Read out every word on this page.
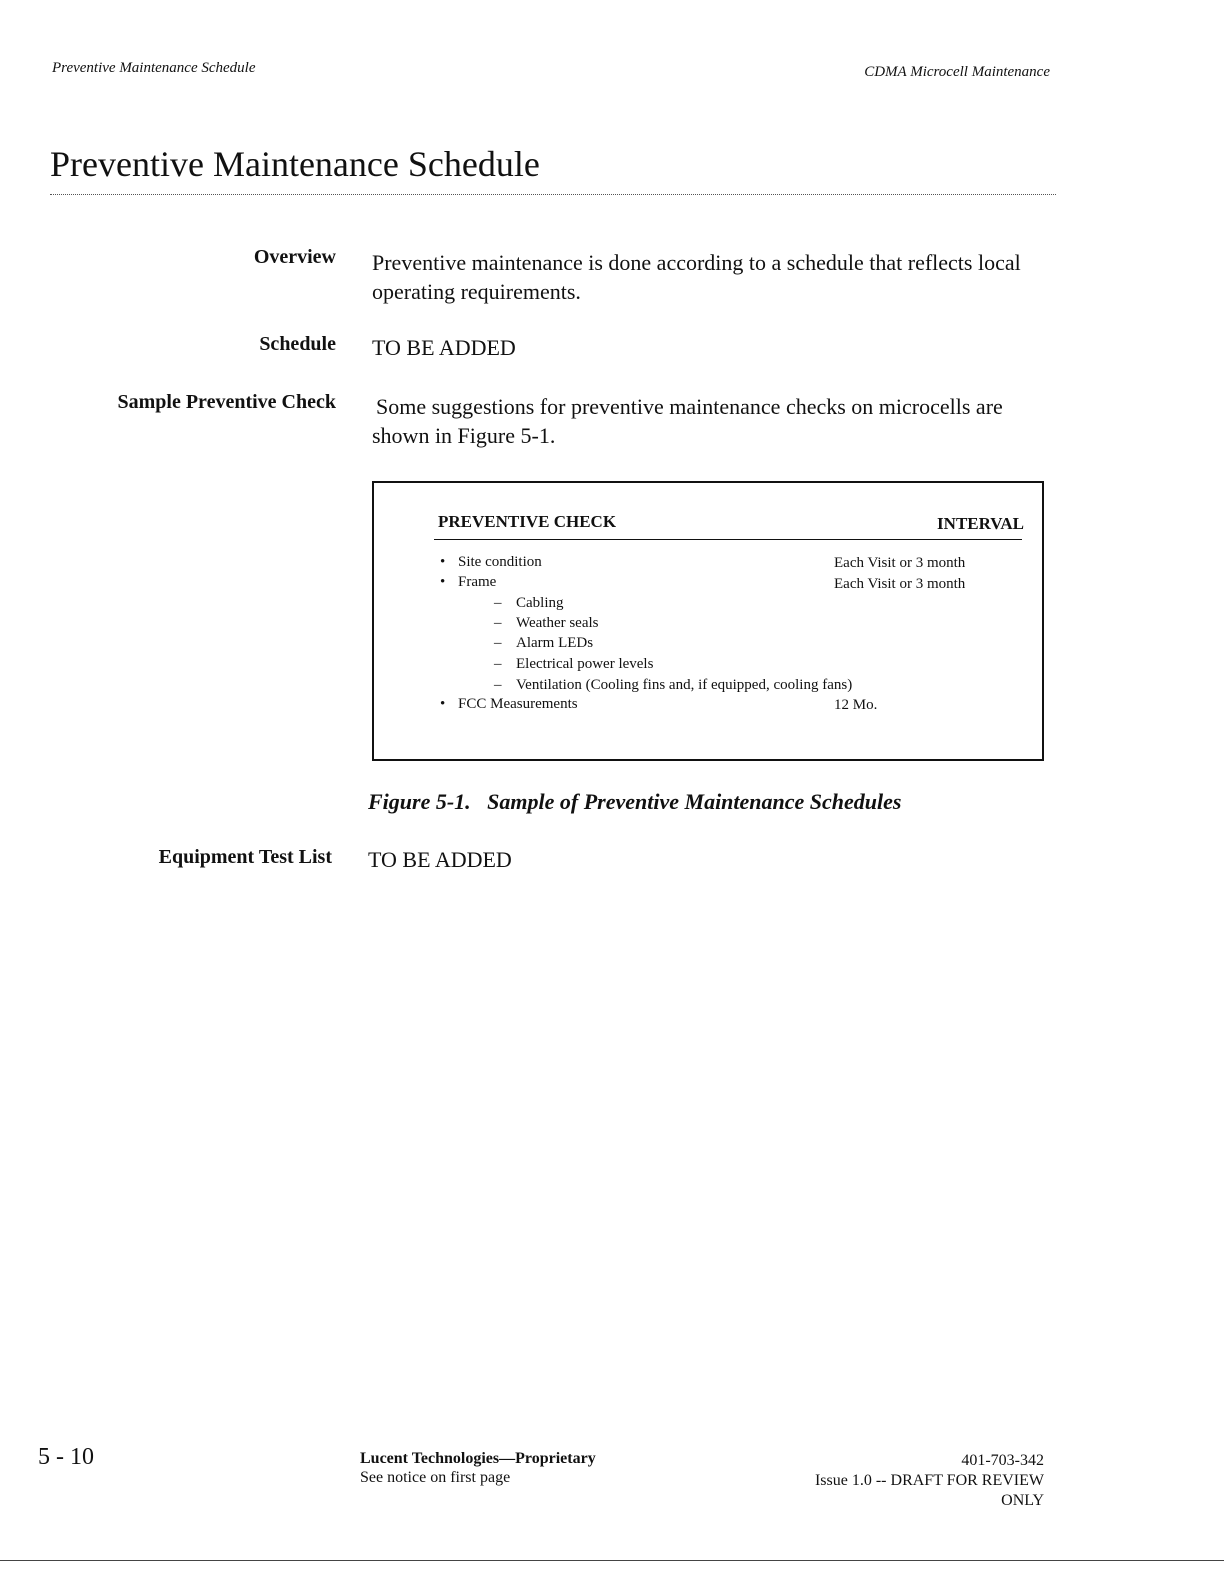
Preventive Maintenance Schedule	CDMA Microcell Maintenance
Preventive Maintenance Schedule
Overview Preventive maintenance is done according to a schedule that reflects local operating requirements.
Schedule TO BE ADDED
Sample Preventive Check Some suggestions for preventive maintenance checks on microcells are shown in Figure 5-1.
PREVENTIVE CHECK	INTERVAL
• Site condition	Each Visit or 3 month
• Frame	Each Visit or 3 month
– Cabling
– Weather seals
– Alarm LEDs
– Electrical power levels
– Ventilation (Cooling fins and, if equipped, cooling fans)
• FCC Measurements	12 Mo.
Figure 5-1.   Sample of Preventive Maintenance Schedules
Equipment Test List TO BE ADDED
5 - 10	Lucent Technologies—Proprietary
See notice on first page
401-703-342
Issue 1.0 -- DRAFT FOR REVIEW
ONLY
